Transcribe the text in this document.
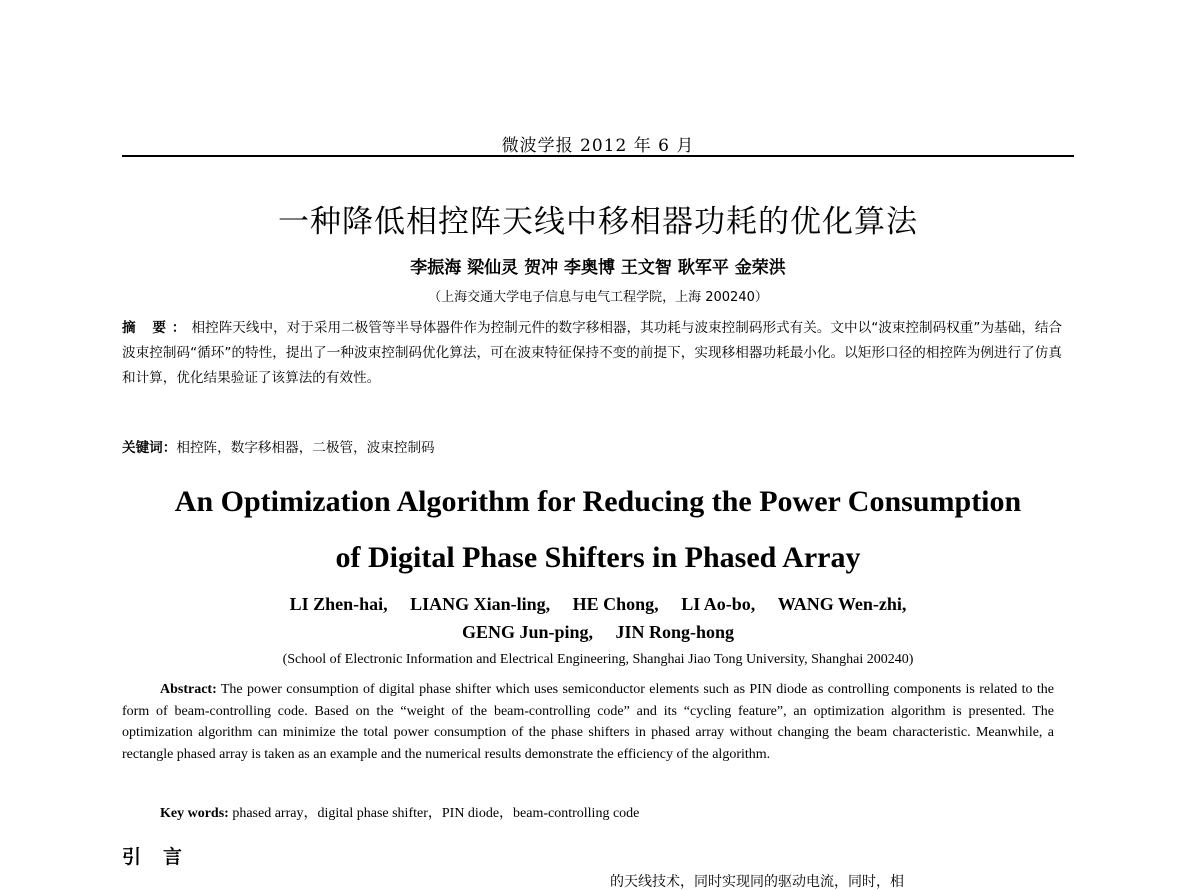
微波学报 2012 年 6 月
一种降低相控阵天线中移相器功耗的优化算法
李振海 梁仙灵 贺冲 李奥博 王文智 耿军平 金荣洪
（上海交通大学电子信息与电气工程学院，上海 200240）
摘 要：相控阵天线中，对于采用二极管等半导体器件作为控制元件的数字移相器，其功耗与波束控制码形式有关。文中以“波束控制码权重”为基础，结合波束控制码“循环”的特性，提出了一种波束控制码优化算法，可在波束特征保持不变的前提下，实现移相器功耗最小化。以矩形口径的相控阵为例进行了仿真和计算，优化结果验证了该算法的有效性。
关键词：相控阵，数字移相器，二极管，波束控制码
An Optimization Algorithm for Reducing the Power Consumption
of Digital Phase Shifters in Phased Array
LI Zhen-hai, LIANG Xian-ling, HE Chong, LI Ao-bo, WANG Wen-zhi,
GENG Jun-ping, JIN Rong-hong
(School of Electronic Information and Electrical Engineering, Shanghai Jiao Tong University, Shanghai 200240)
Abstract: The power consumption of digital phase shifter which uses semiconductor elements such as PIN diode as controlling components is related to the form of beam-controlling code. Based on the “weight of the beam-controlling code” and its “cycling feature”, an optimization algorithm is presented. The optimization algorithm can minimize the total power consumption of the phase shifters in phased array without changing the beam characteristic. Meanwhile, a rectangle phased array is taken as an example and the numerical results demonstrate the efficiency of the algorithm.
Key words: phased array，digital phase shifter，PIN diode，beam-controlling code
引言
的天线技术，同时实现同的驱动电流，同时，相
